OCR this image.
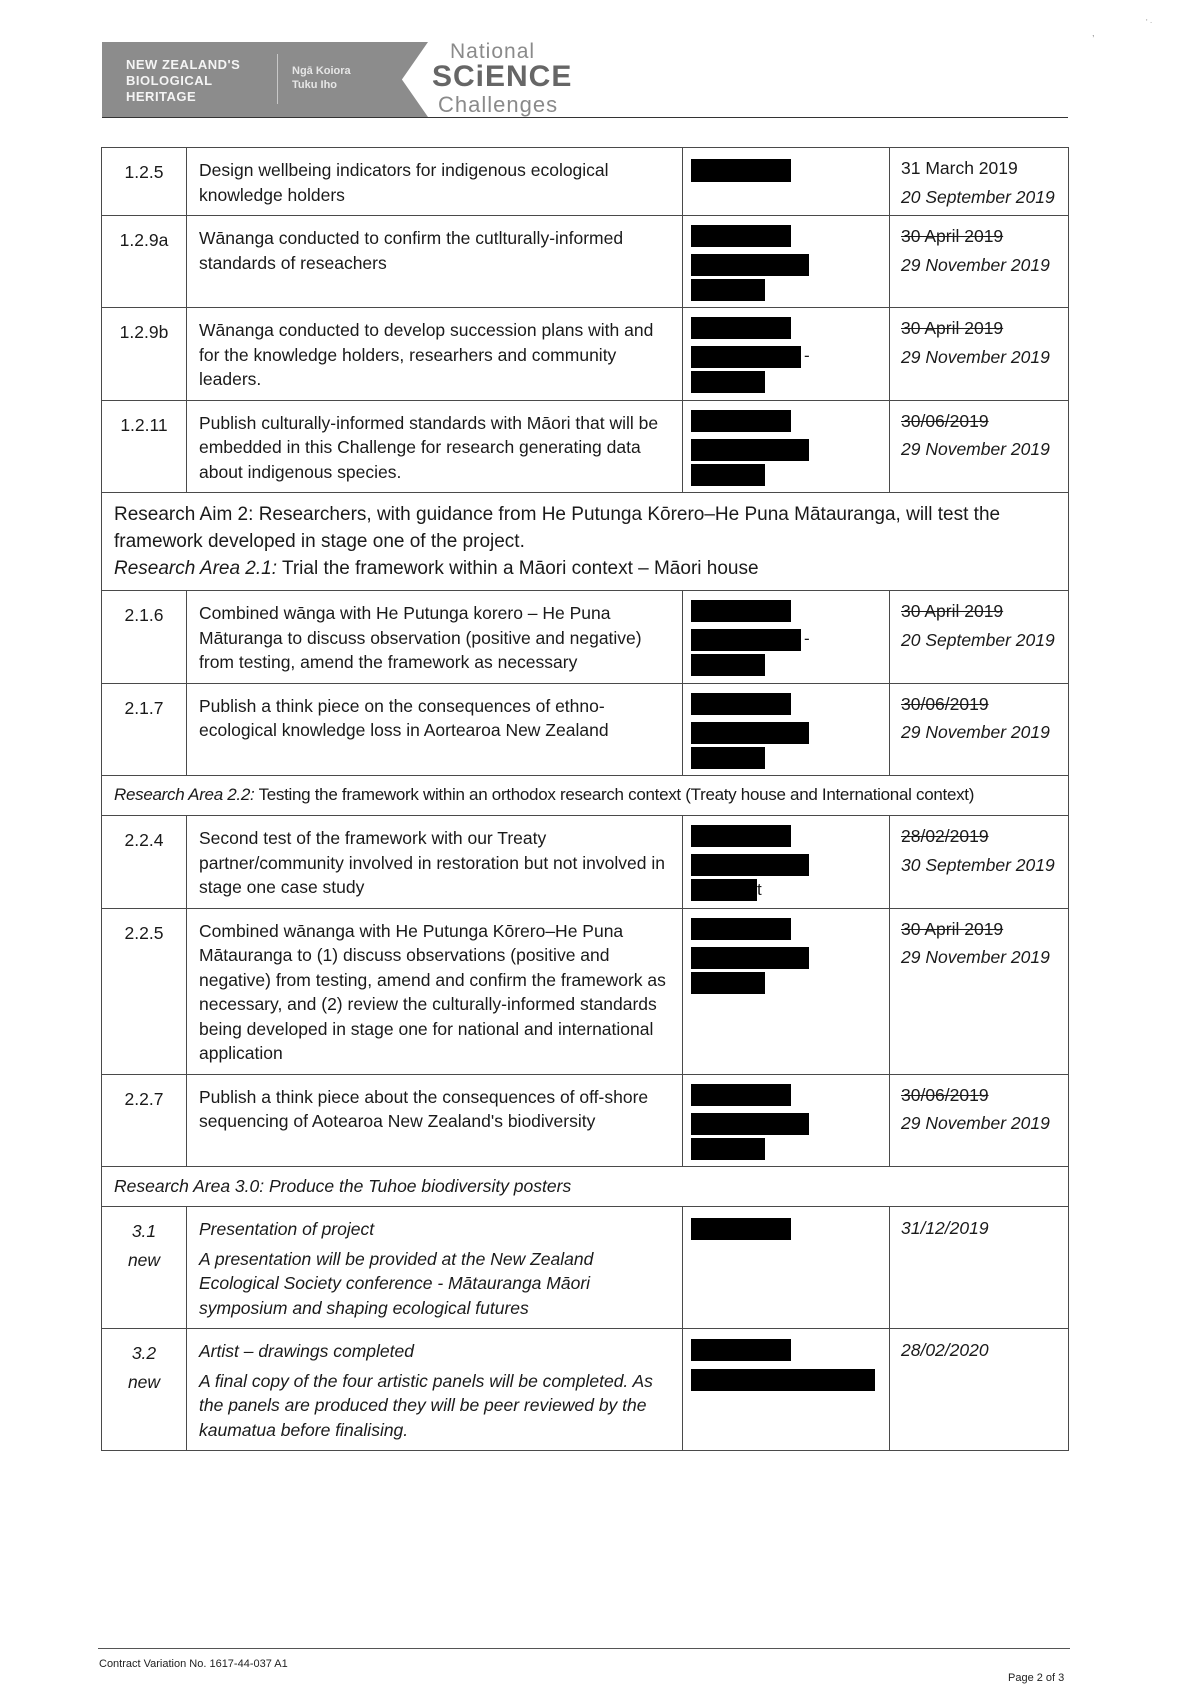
NEW ZEALAND'S
BIOLOGICAL
HERITAGE
Ngā Koiora
Tuku Iho
National
SCiENCE
Challenges
,
' ·
1.2.5	Design wellbeing indicators for indigenous ecological knowledge holders		31 March 2019
20 September 2019

1.2.9a	Wānanga conducted to confirm the cutlturally-informed standards of reseachers		30 April 2019
29 November 2019

1.2.9b	Wānanga conducted to develop succession plans with and for the knowledge holders, researhers and community leaders.	-	30 April 2019
29 November 2019

1.2.11	Publish culturally-informed standards with Māori that will be embedded in this Challenge for research generating data about indigenous species.		30/06/2019
29 November 2019

Research Aim 2: Researchers, with guidance from He Putunga Kōrero–He Puna Mātauranga, will test the framework developed in stage one of the project.
Research Area 2.1: Trial the framework within a Māori context – Māori house			
2.1.6	Combined wānga with He Putunga korero – He Puna Māturanga to discuss observation (positive and negative) from testing, amend the framework as necessary	-	30 April 2019
20 September 2019

2.1.7	Publish a think piece on the consequences of ethno-ecological knowledge loss in Aortearoa New Zealand		30/06/2019
29 November 2019

Research Area 2.2: Testing the framework within an orthodox research context (Treaty house and International context)			
2.2.4	Second test of the framework with our Treaty partner/community involved in restoration but not involved in stage one case study	t	28/02/2019
30 September 2019

2.2.5	Combined wānanga with He Putunga Kōrero–He Puna Mātauranga to (1) discuss observations (positive and negative) from testing, amend and confirm the framework as necessary, and (2) review the culturally-informed standards being developed in stage one for national and international application		30 April 2019
29 November 2019

2.2.7	Publish a think piece about the consequences of off-shore sequencing of Aotearoa New Zealand's biodiversity		30/06/2019
29 November 2019

Research Area 3.0: Produce the Tuhoe biodiversity posters			

3.1
new	Presentation of project
A presentation will be provided at the New Zealand Ecological Society conference - Mātauranga Māori symposium and shaping ecological futures		31/12/2019

3.2
new	Artist – drawings completed
A final copy of the four artistic panels will be completed. As the panels are produced they will be peer reviewed by the kaumatua before finalising.		28/02/2020
Contract Variation No. 1617-44-037 A1
Page 2 of 3
